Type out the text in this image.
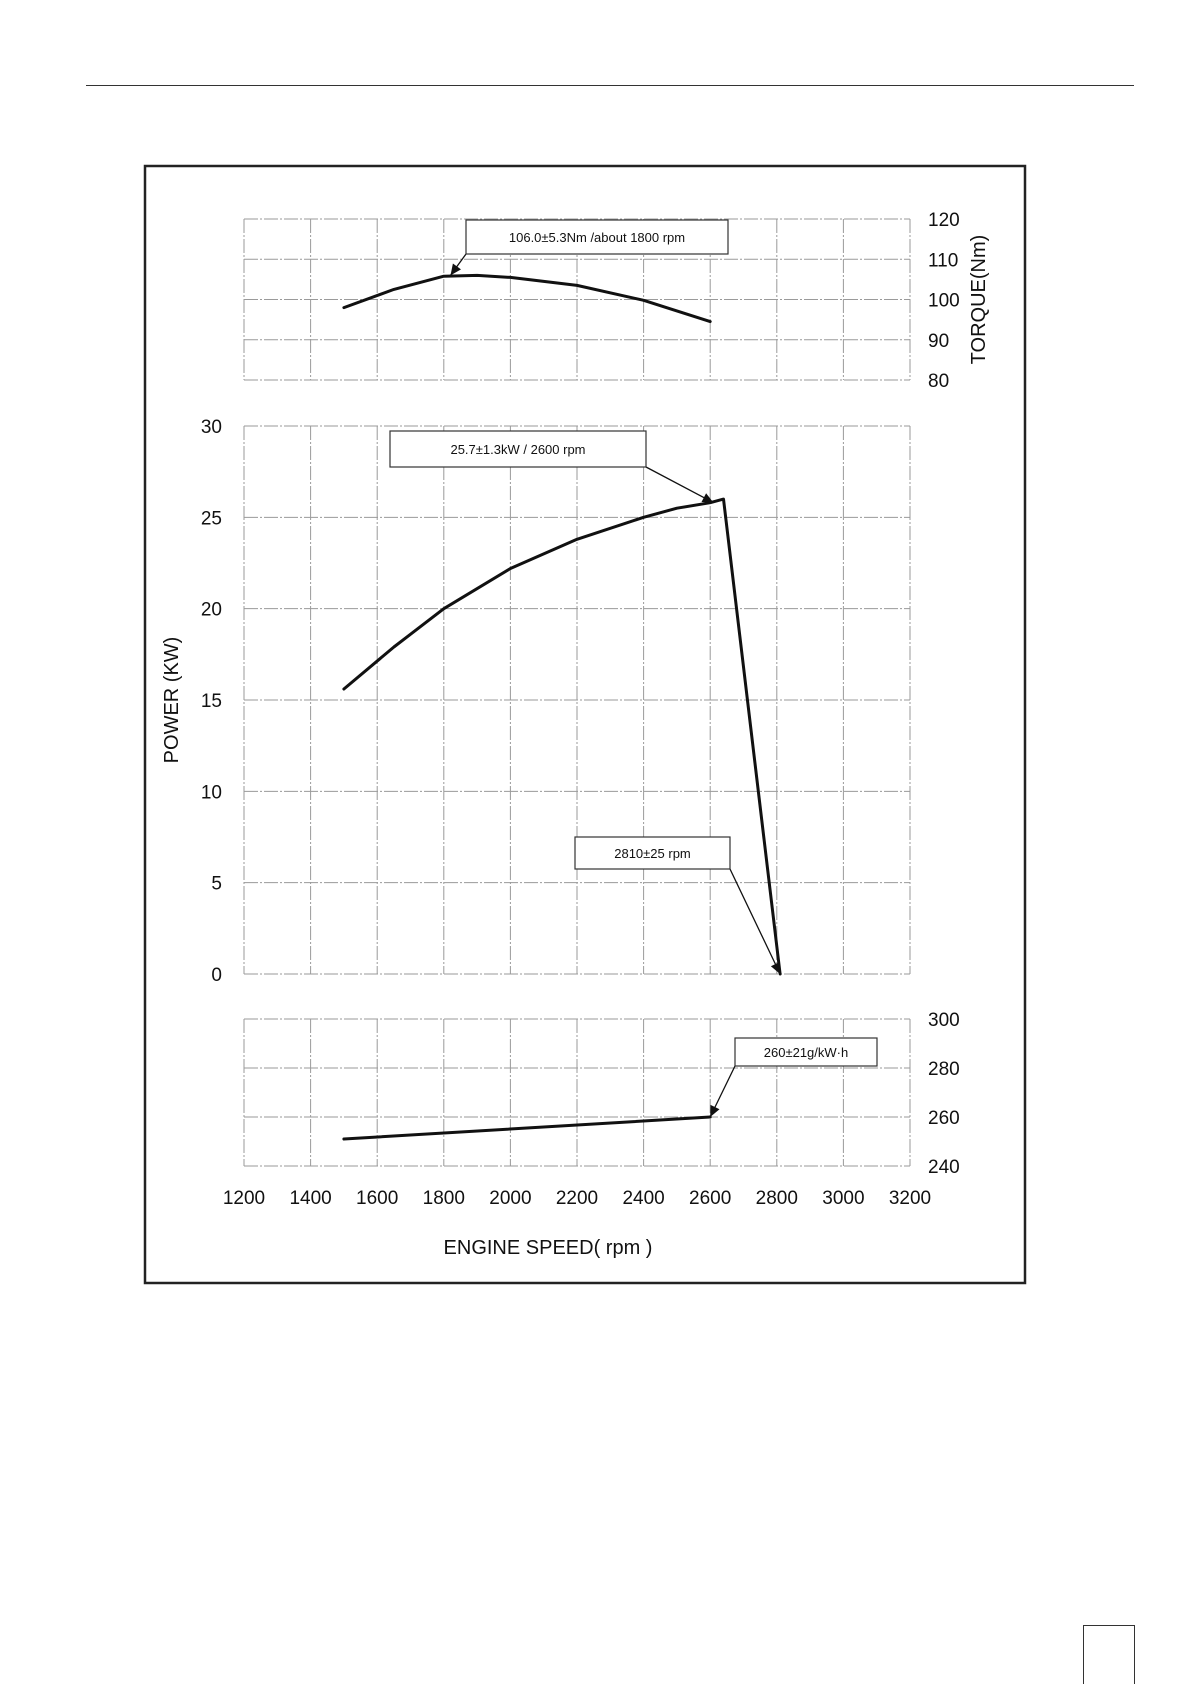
80
90
100
110
120
TORQUE(Nm)
106.0±5.3Nm /about 1800 rpm
0
5
10
15
20
25
30
POWER (KW)
25.7±1.3kW / 2600 rpm
2810±25 rpm
240
260
280
300
260±21g/kW·h
1200 1400 1600 1800 2000 2200 2400 2600 2800 3000 3200
ENGINE SPEED( rpm )
